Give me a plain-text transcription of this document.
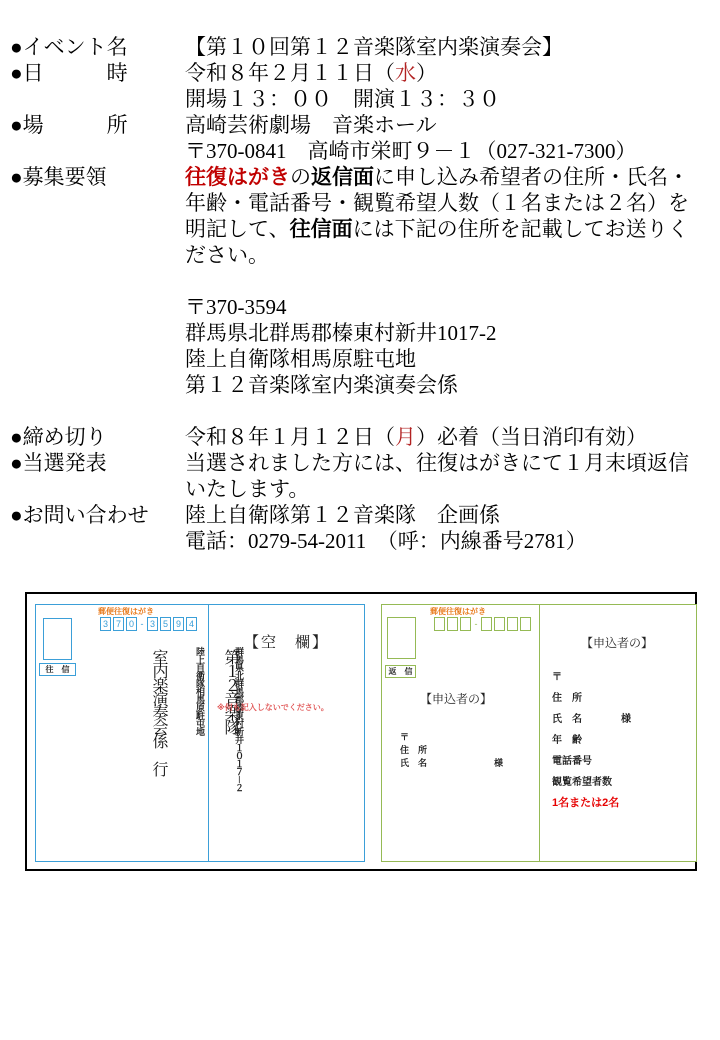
●イベント名	【第１０回第１２音楽隊室内楽演奏会】
●日　　　時	令和８年２月１１日（水）
開場１３：００　開演１３：３０
●場　　　所	高崎芸術劇場　音楽ホール
〒370-0841　高崎市栄町９－１（027-321-7300）
●募集要領	往復はがきの返信面に申し込み希望者の住所・氏名・
年齢・電話番号・観覧希望人数（１名または２名）を
明記して、往信面には下記の住所を記載してお送りく
ださい。
〒370-3594
群馬県北群馬郡榛東村新井1017-2
陸上自衛隊相馬原駐屯地
第１２音楽隊室内楽演奏会係
●締め切り	令和８年１月１２日（月）必着（当日消印有効）
●当選発表	当選されました方には、往復はがきにて１月末頃返信
いたします。
●お問い合わせ	陸上自衛隊第１２音楽隊　企画係
電話：0279-54-2011　（呼：内線番号2781）
郵便往復はがき
往　信
3 7 0 - 3 5 9 4

群馬県北群馬郡榛東村新井１０１７－２

陸上自衛隊相馬原駐屯地

第１２音楽隊

室内楽演奏会係　行

【空　欄】
※何も記入しないでください。
郵便往復はがき
返　信
-
【申込者の】
〒
住　所
氏　名	様
【申込者の】
〒
住　所
氏　名	様
年　齢
電話番号
観覧希望者数
1名または2名
